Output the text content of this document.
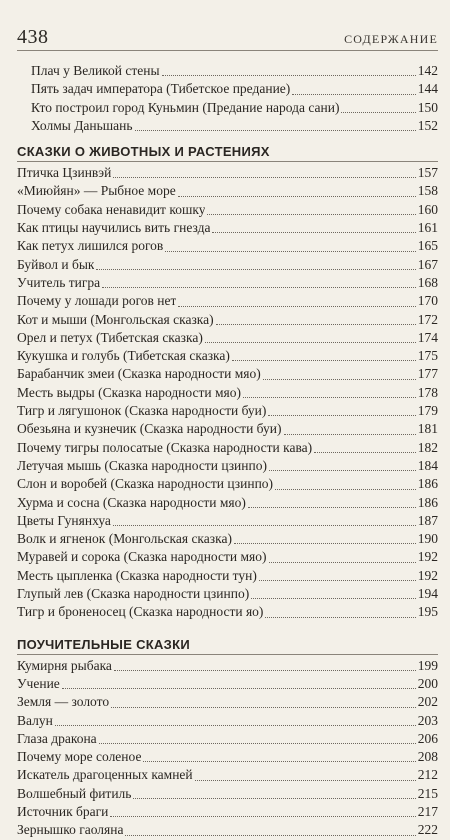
438	СОДЕРЖАНИЕ
Плач у Великой стены	142
Пять задач императора (Тибетское предание)	144
Кто построил город Куньмин (Предание народа сани)	150
Холмы Даньшань	152
СКАЗКИ О ЖИВОТНЫХ И РАСТЕНИЯХ
Птичка Цзинвэй	157
«Миюйян» — Рыбное море	158
Почему собака ненавидит кошку	160
Как птицы научились вить гнезда	161
Как петух лишился рогов	165
Буйвол и бык	167
Учитель тигра	168
Почему у лошади рогов нет	170
Кот и мыши (Монгольская сказка)	172
Орел и петух (Тибетская сказка)	174
Кукушка и голубь (Тибетская сказка)	175
Барабанчик змеи (Сказка народности мяо)	177
Месть выдры (Сказка народности мяо)	178
Тигр и лягушонок (Сказка народности буи)	179
Обезьяна и кузнечик (Сказка народности буи)	181
Почему тигры полосатые (Сказка народности кава)	182
Летучая мышь (Сказка народности цзинпо)	184
Слон и воробей (Сказка народности цзинпо)	186
Хурма и сосна (Сказка народности мяо)	186
Цветы Гунянхуа	187
Волк и ягненок (Монгольская сказка)	190
Муравей и сорока (Сказка народности мяо)	192
Месть цыпленка (Сказка народности тун)	192
Глупый лев (Сказка народности цзинпо)	194
Тигр и броненосец (Сказка народности яо)	195
ПОУЧИТЕЛЬНЫЕ СКАЗКИ
Кумирня рыбака	199
Учение	200
Земля — золото	202
Валун	203
Глаза дракона	206
Почему море соленое	208
Искатель драгоценных камней	212
Волшебный фитиль	215
Источник браги	217
Зернышко гаоляна	222
